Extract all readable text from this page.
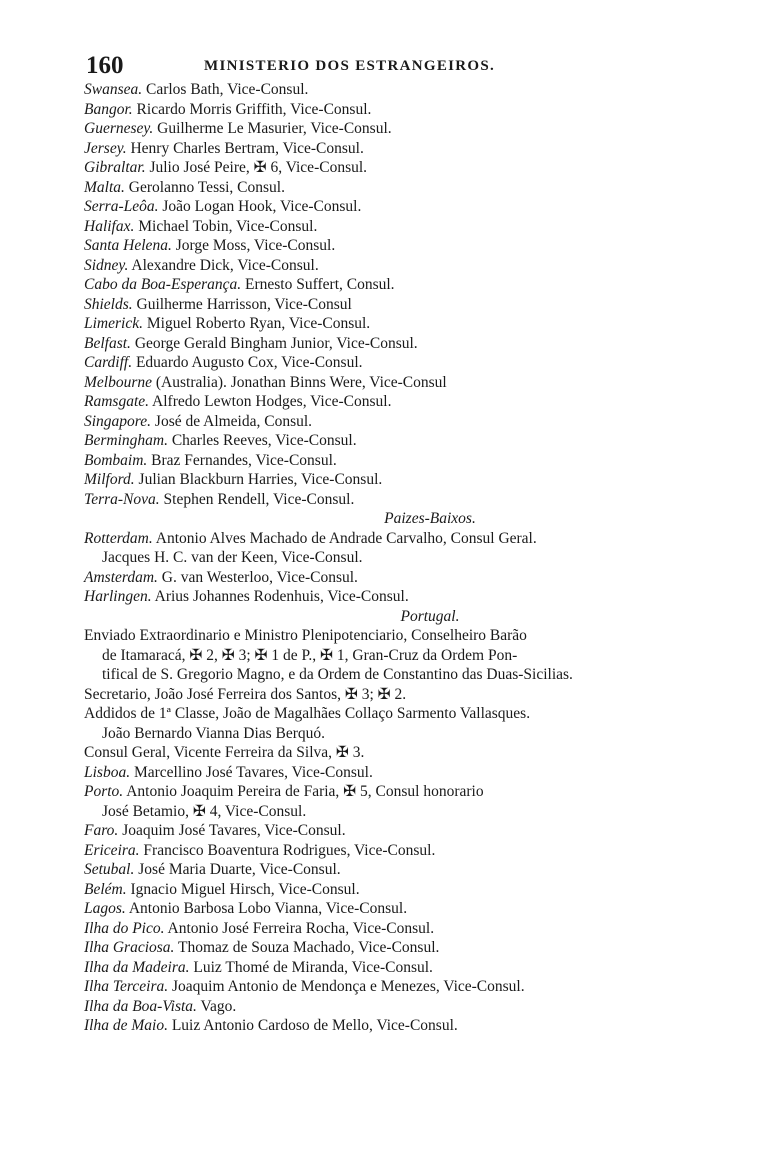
160	MINISTERIO DOS ESTRANGEIROS.
Swansea. Carlos Bath, Vice-Consul.
Bangor. Ricardo Morris Griffith, Vice-Consul.
Guernesey. Guilherme Le Masurier, Vice-Consul.
Jersey. Henry Charles Bertram, Vice-Consul.
Gibraltar. Julio José Peire, ✠ 6, Vice-Consul.
Malta. Gerolanno Tessi, Consul.
Serra-Leôa. João Logan Hook, Vice-Consul.
Halifax. Michael Tobin, Vice-Consul.
Santa Helena. Jorge Moss, Vice-Consul.
Sidney. Alexandre Dick, Vice-Consul.
Cabo da Boa-Esperança. Ernesto Suffert, Consul.
Shields. Guilherme Harrisson, Vice-Consul
Limerick. Miguel Roberto Ryan, Vice-Consul.
Belfast. George Gerald Bingham Junior, Vice-Consul.
Cardiff. Eduardo Augusto Cox, Vice-Consul.
Melbourne (Australia). Jonathan Binns Were, Vice-Consul
Ramsgate. Alfredo Lewton Hodges, Vice-Consul.
Singapore. José de Almeida, Consul.
Bermingham. Charles Reeves, Vice-Consul.
Bombaim. Braz Fernandes, Vice-Consul.
Milford. Julian Blackburn Harries, Vice-Consul.
Terra-Nova. Stephen Rendell, Vice-Consul.
Paizes-Baixos.
Rotterdam. Antonio Alves Machado de Andrade Carvalho, Consul Geral.
Jacques H. C. van der Keen, Vice-Consul.
Amsterdam. G. van Westerloo, Vice-Consul.
Harlingen. Arius Johannes Rodenhuis, Vice-Consul.
Portugal.
Enviado Extraordinario e Ministro Plenipotenciario, Conselheiro Barão
de Itamaracá, ✠ 2, ✠ 3; ✠ 1 de P., ✠ 1, Gran-Cruz da Ordem Pon-
tifical de S. Gregorio Magno, e da Ordem de Constantino das Duas-Sicilias.
Secretario, João José Ferreira dos Santos, ✠ 3; ✠ 2.
Addidos de 1ª Classe, João de Magalhães Collaço Sarmento Vallasques.
João Bernardo Vianna Dias Berquó.
Consul Geral, Vicente Ferreira da Silva, ✠ 3.
Lisboa. Marcellino José Tavares, Vice-Consul.
Porto. Antonio Joaquim Pereira de Faria, ✠ 5, Consul honorario
José Betamio, ✠ 4, Vice-Consul.
Faro. Joaquim José Tavares, Vice-Consul.
Ericeira. Francisco Boaventura Rodrigues, Vice-Consul.
Setubal. José Maria Duarte, Vice-Consul.
Belém. Ignacio Miguel Hirsch, Vice-Consul.
Lagos. Antonio Barbosa Lobo Vianna, Vice-Consul.
Ilha do Pico. Antonio José Ferreira Rocha, Vice-Consul.
Ilha Graciosa. Thomaz de Souza Machado, Vice-Consul.
Ilha da Madeira. Luiz Thomé de Miranda, Vice-Consul.
Ilha Terceira. Joaquim Antonio de Mendonça e Menezes, Vice-Consul.
Ilha da Boa-Vista. Vago.
Ilha de Maio. Luiz Antonio Cardoso de Mello, Vice-Consul.
